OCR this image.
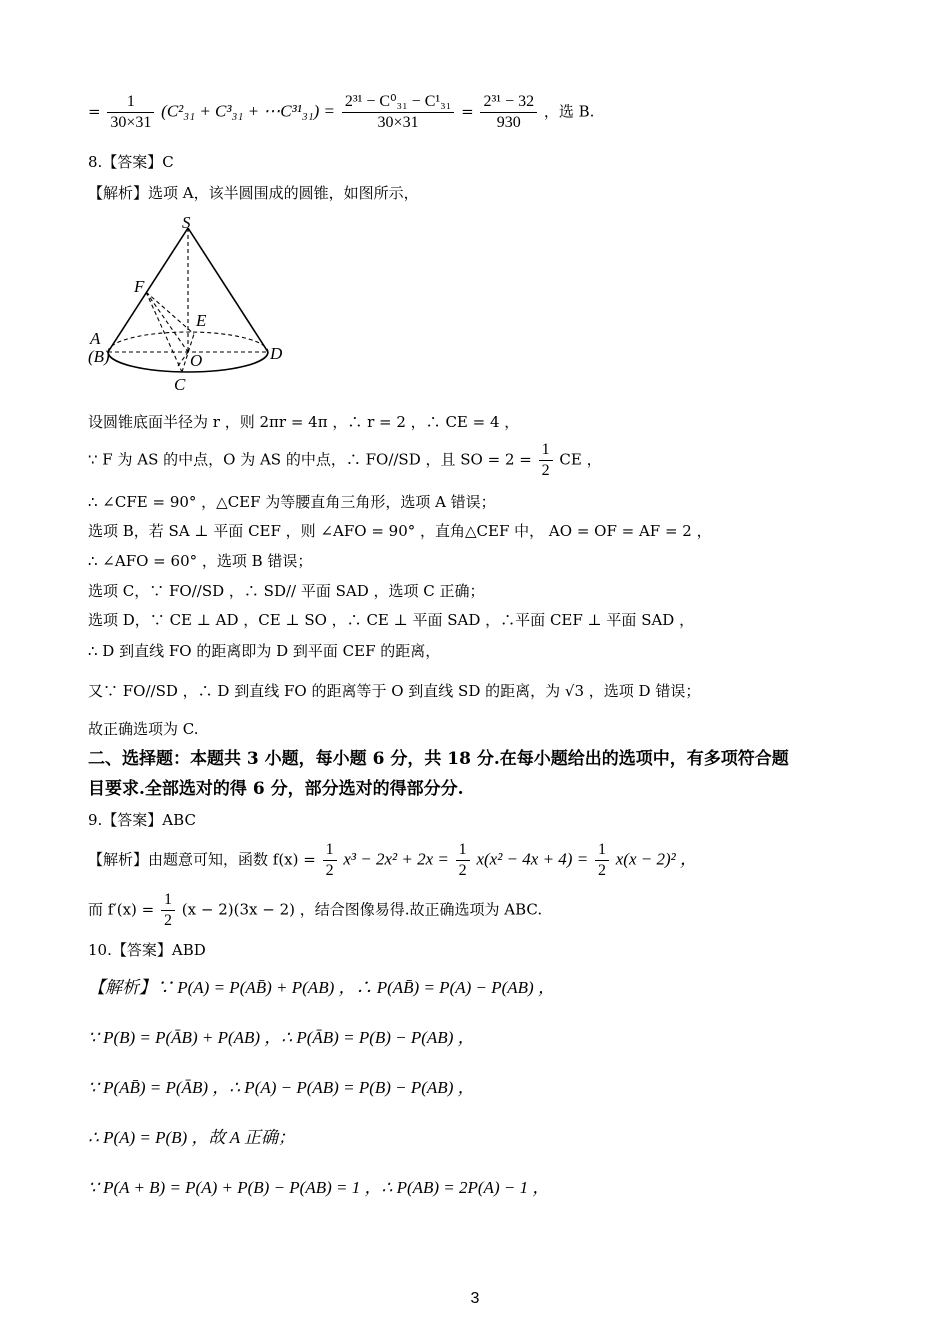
= $\frac{1}{30\times 31} (C^2_{31} + C^3_{31}$ + ⋯C³¹₃₁) = $\frac{\text{2³¹ − C⁰₃₁ − C¹₃₁}}{30\times 31} = \frac{\text{2³¹ − 32}}{930}$ ，选 B.
8.【答案】C
【解析】选项 A，该半圆围成的圆锥，如图所示，
S
F
E
A
(B)	O	D
C
设圆锥底面半径为 r ，则 2πr = 4π ，∴ r = 2 ，∴ CE = 4 ，
∵ F 为 AS 的中点，O 为 AS 的中点，∴ FO//SD ，且 SO = $2 = \frac{1}{2}$ CE ，
∴ ∠CFE = 90° ，△CEF 为等腰直角三角形，选项 A 错误；
选项 B，若 SA ⊥ 平面 CEF ，则 ∠AFO = 90° ，直角△CEF 中， AO = OF = AF = 2 ，
∴ ∠AFO = 60° ，选项 B 错误；
选项 C，∵ FO//SD ，∴ SD// 平面 SAD ，选项 C 正确；
选项 D，∵ CE ⊥ AD ，CE ⊥ SO ，∴ CE ⊥ 平面 SAD ，∴平面 CEF ⊥ 平面 SAD ，
∴ D 到直线 FO 的距离即为 D 到平面 CEF 的距离，
又∵ FO//SD ，∴ D 到直线 FO 的距离等于 O 到直线 SD 的距离，为 √3 ，选项 D 错误；
故正确选项为 C.
二、选择题：本题共 3 小题，每小题 6 分，共 18 分.在每小题给出的选项中，有多项符合题
目要求.全部选对的得 6 分，部分选对的得部分分.
9.【答案】ABC
【解析】由题意可知，函数 $f(x) = \frac{1}{2} x^3 - 2x^2 + 2x = \frac{1}{2} x(x^2 - 4x + 4) = \frac{1}{2} x(x - 2)^2$ ，
而 $f'(x) = \frac{1}{2} (x - 2)(3x - 2)$ ，结合图像易得.故正确选项为 ABC.
10.【答案】ABD
【解析】∵ P(A) = P(AB̄) + P(AB) ，∴ P(AB̄) = P(A) − P(AB) ，
∵ P(B) = P(ĀB) + P(AB) ，∴ P(ĀB) = P(B) − P(AB) ，
∵ P(AB̄) = P(ĀB) ，∴ P(A) − P(AB) = P(B) − P(AB) ，
∴ P(A) = P(B) ，故 A 正确；
∵ P(A + B) = P(A) + P(B) − P(AB) = 1 ，∴ P(AB) = 2P(A) − 1 ，
3
